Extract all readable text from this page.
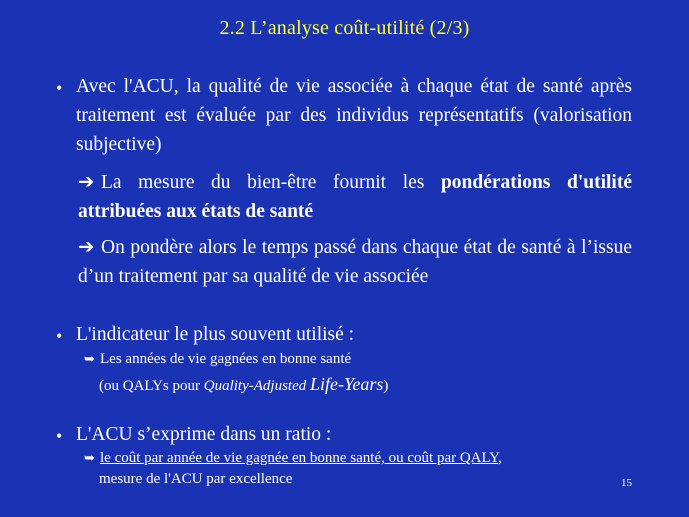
2.2 L’analyse coût-utilité (2/3)
• Avec l'ACU, la qualité de vie associée à chaque état de santé après traitement est évaluée par des individus représentatifs (valorisation subjective)
➔ La mesure du bien-être fournit les pondérations d'utilité attribuées aux états de santé
➔ On pondère alors le temps passé dans chaque état de santé à l’issue d’un traitement par sa qualité de vie associée
• L'indicateur le plus souvent utilisé :
➥ Les années de vie gagnées en bonne santé
(ou QALYs pour Quality-Adjusted Life-Years)
• L'ACU s’exprime dans un ratio :
➥ le coût par année de vie gagnée en bonne santé, ou coût par QALY,
mesure de l'ACU par excellence	15
